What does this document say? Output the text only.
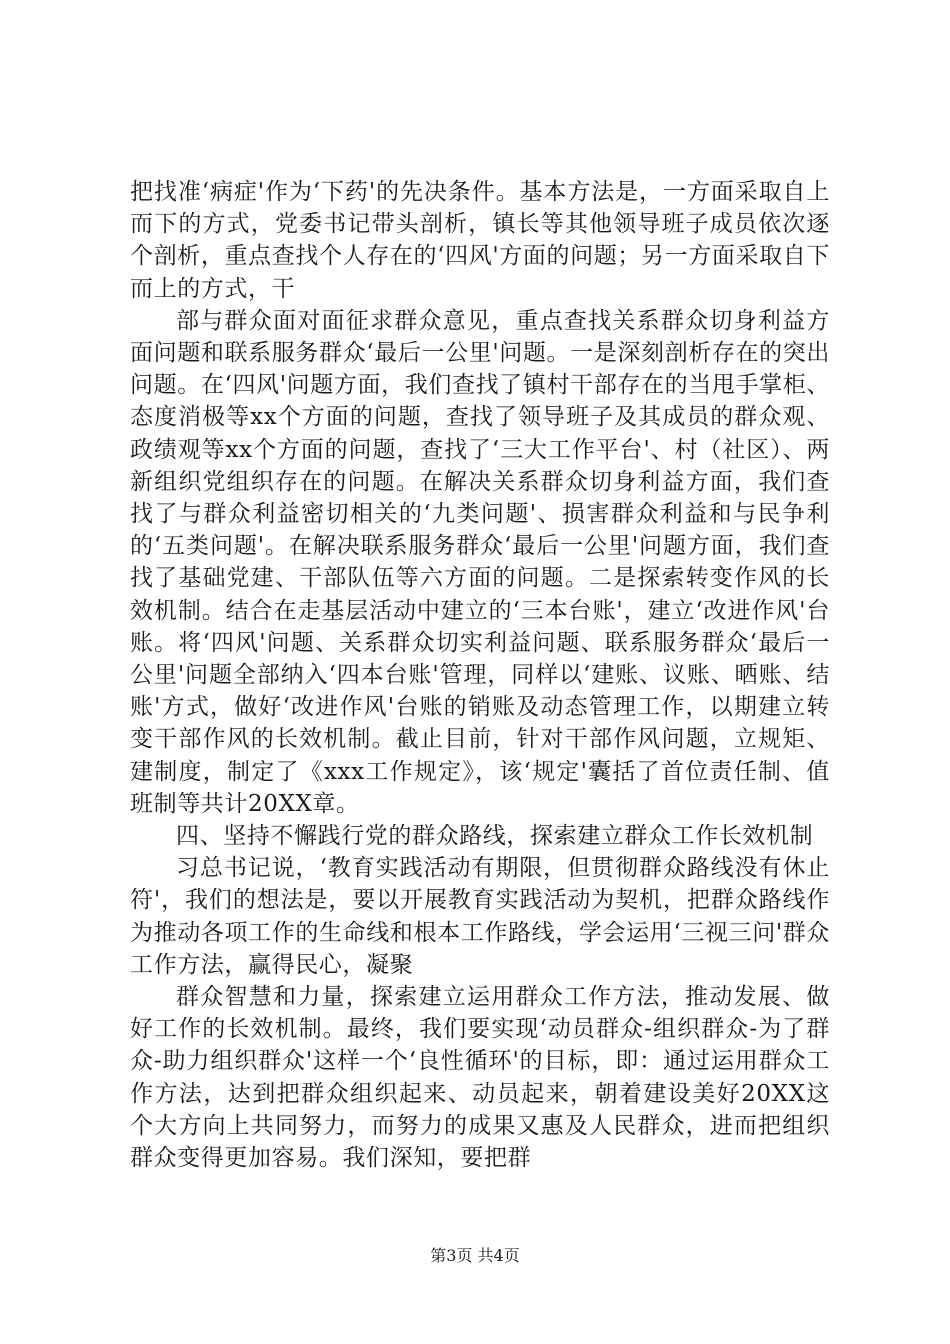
把找准‘病症'作为‘下药'的先决条件。基本方法是，一方面采取自上而下的方式，党委书记带头剖析，镇长等其他领导班子成员依次逐个剖析，重点查找个人存在的‘四风'方面的问题；另一方面采取自下而上的方式，干

部与群众面对面征求群众意见，重点查找关系群众切身利益方面问题和联系服务群众‘最后一公里'问题。一是深刻剖析存在的突出问题。在‘四风'问题方面，我们查找了镇村干部存在的当甩手掌柜、态度消极等xx个方面的问题，查找了领导班子及其成员的群众观、政绩观等xx个方面的问题，查找了‘三大工作平台'、村（社区）、两新组织党组织存在的问题。在解决关系群众切身利益方面，我们查找了与群众利益密切相关的‘九类问题'、损害群众利益和与民争利的‘五类问题'。在解决联系服务群众‘最后一公里'问题方面，我们查找了基础党建、干部队伍等六方面的问题。二是探索转变作风的长效机制。结合在走基层活动中建立的‘三本台账'，建立‘改进作风'台账。将‘四风'问题、关系群众切实利益问题、联系服务群众‘最后一公里'问题全部纳入‘四本台账'管理，同样以‘建账、议账、晒账、结账'方式，做好‘改进作风'台账的销账及动态管理工作，以期建立转变干部作风的长效机制。截止目前，针对干部作风问题，立规矩、建制度，制定了《xxx工作规定》，该‘规定'囊括了首位责任制、值班制等共计20XX章。

四、坚持不懈践行党的群众路线，探索建立群众工作长效机制

习总书记说，‘教育实践活动有期限，但贯彻群众路线没有休止符'，我们的想法是，要以开展教育实践活动为契机，把群众路线作为推动各项工作的生命线和根本工作路线，学会运用‘三视三问'群众工作方法，赢得民心，凝聚

群众智慧和力量，探索建立运用群众工作方法，推动发展、做好工作的长效机制。最终，我们要实现‘动员群众-组织群众-为了群众-助力组织群众'这样一个‘良性循环'的目标，即：通过运用群众工作方法，达到把群众组织起来、动员起来，朝着建设美好20XX这个大方向上共同努力，而努力的成果又惠及人民群众，进而把组织群众变得更加容易。我们深知，要把群

第3页 共4页
